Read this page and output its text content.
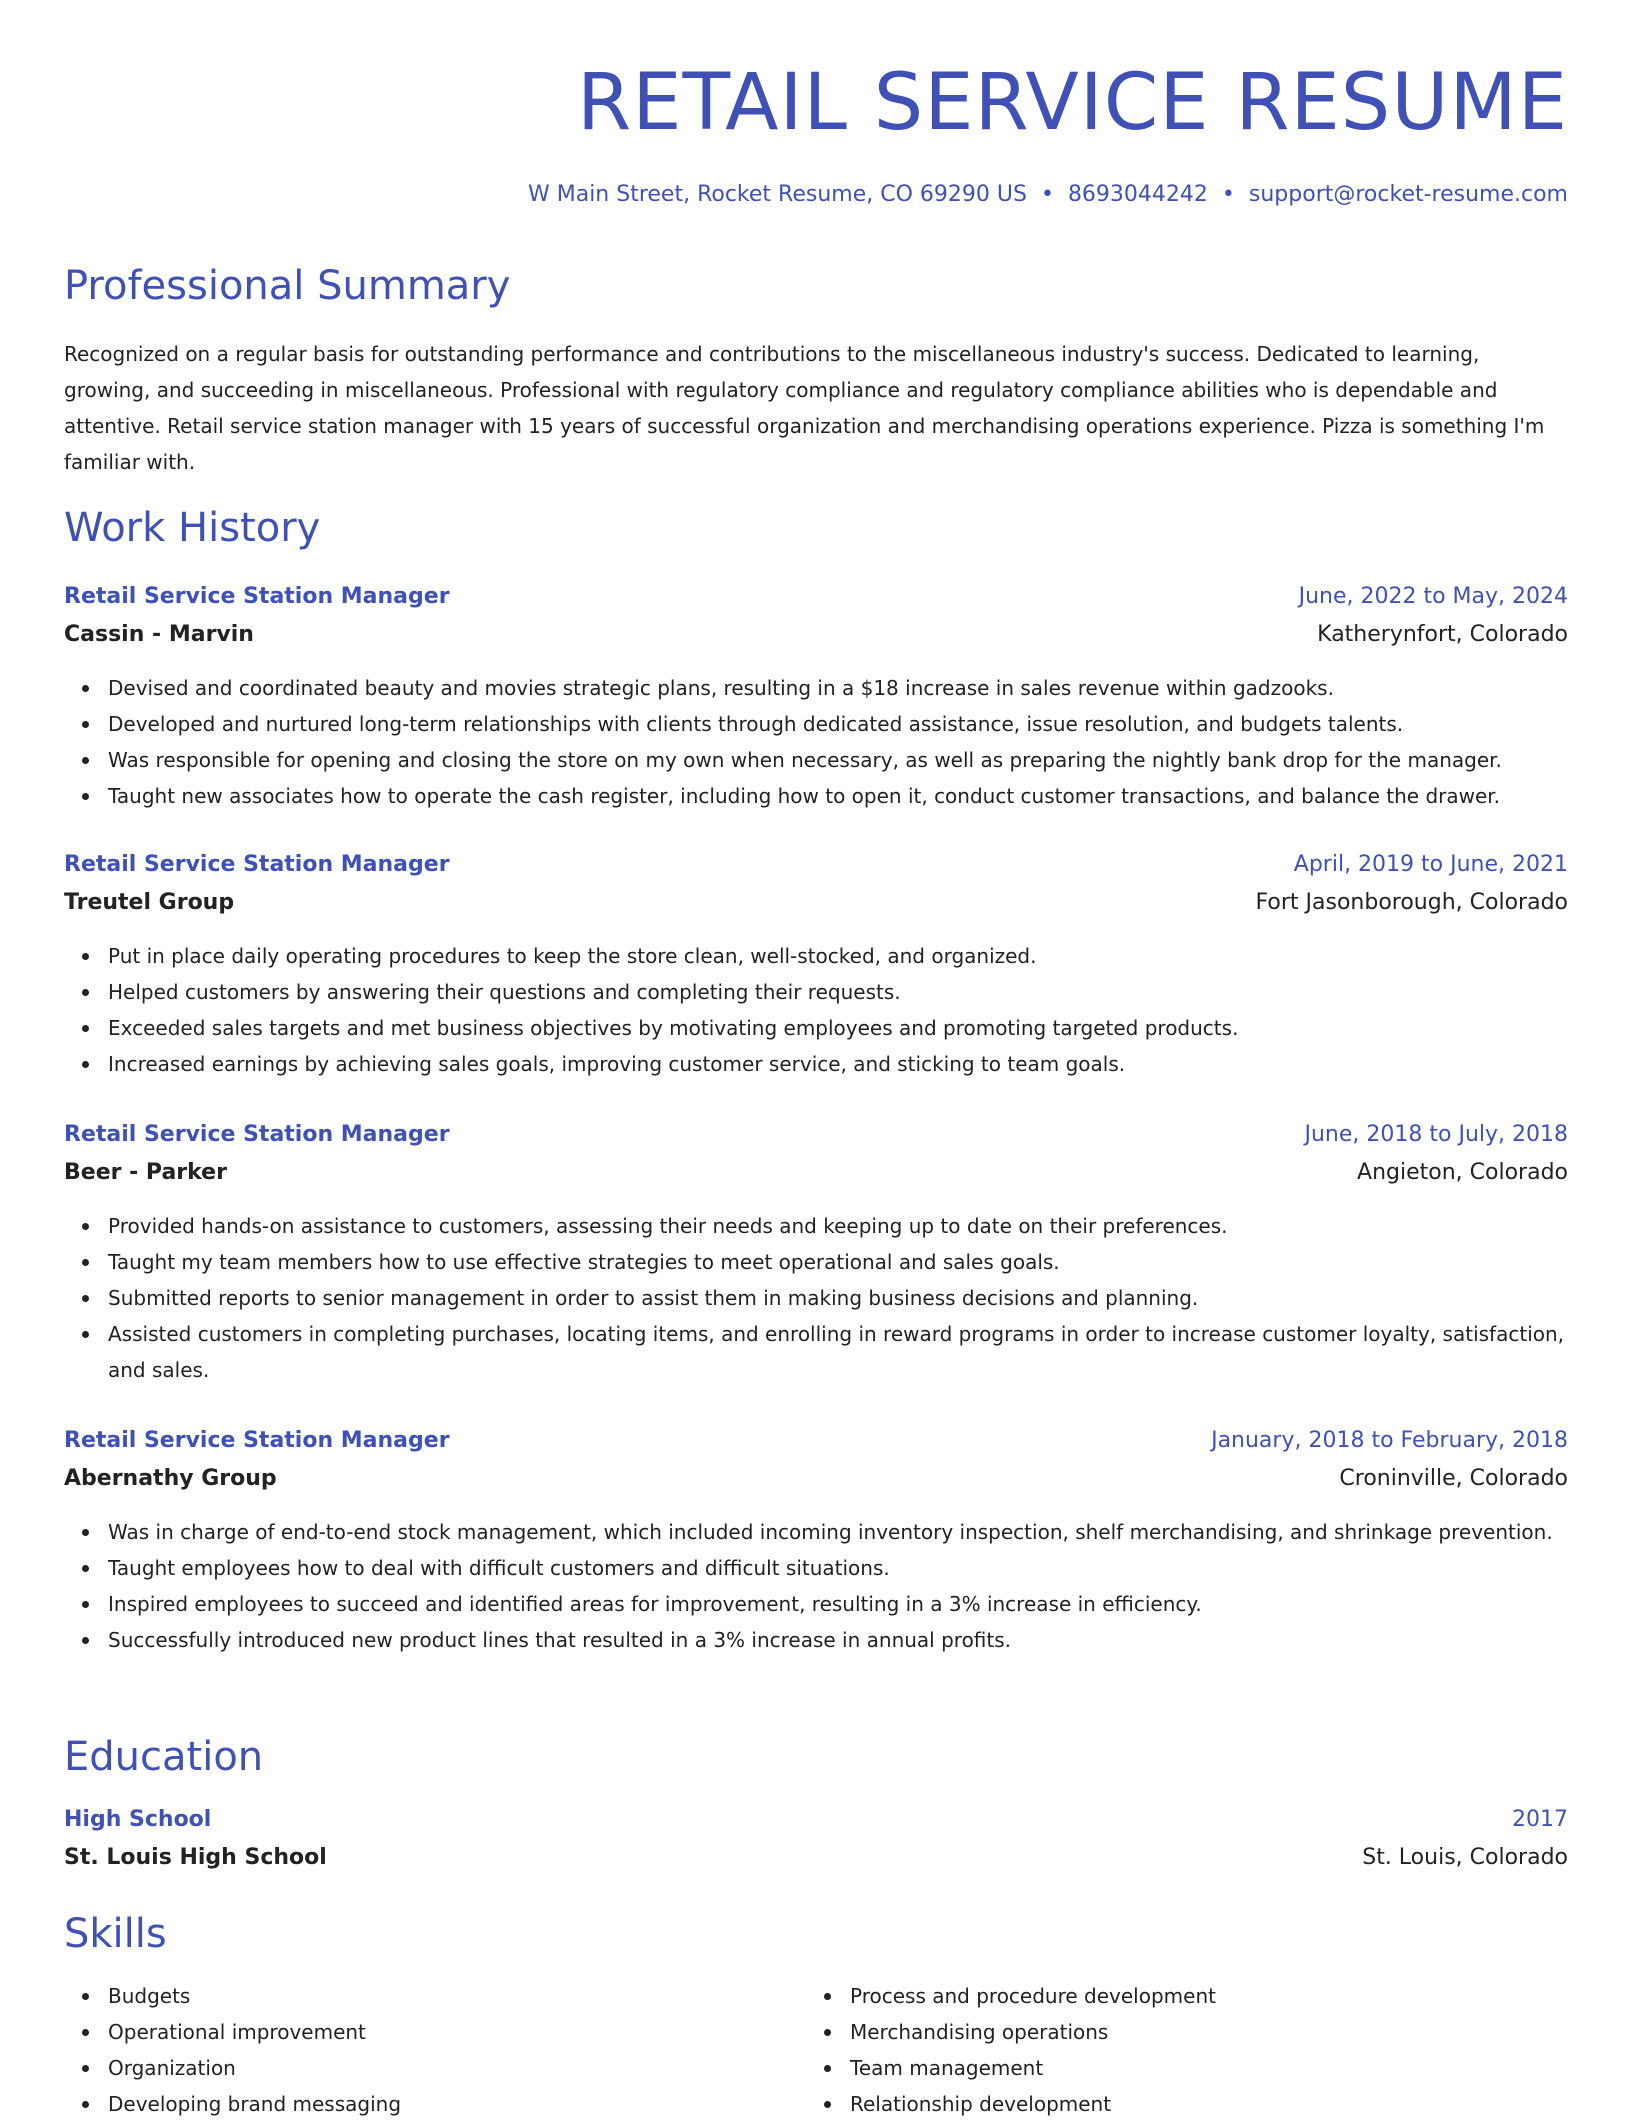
RETAIL SERVICE RESUME
W Main Street, Rocket Resume, CO 69290 US • 8693044242 • support@rocket-resume.com
Professional Summary

Recognized on a regular basis for outstanding performance and contributions to the miscellaneous industry's success. Dedicated to learning, growing, and succeeding in miscellaneous. Professional with regulatory compliance and regulatory compliance abilities who is dependable and attentive. Retail service station manager with 15 years of successful organization and merchandising operations experience. Pizza is something I'm familiar with.

Work History
Retail Service Station Manager	June, 2022 to May, 2024
Cassin - Marvin	Katherynfort, Colorado
Devised and coordinated beauty and movies strategic plans, resulting in a $18 increase in sales revenue within gadzooks.
Developed and nurtured long-term relationships with clients through dedicated assistance, issue resolution, and budgets talents.
Was responsible for opening and closing the store on my own when necessary, as well as preparing the nightly bank drop for the manager.
Taught new associates how to operate the cash register, including how to open it, conduct customer transactions, and balance the drawer.
Retail Service Station Manager	April, 2019 to June, 2021
Treutel Group	Fort Jasonborough, Colorado
Put in place daily operating procedures to keep the store clean, well-stocked, and organized.
Helped customers by answering their questions and completing their requests.
Exceeded sales targets and met business objectives by motivating employees and promoting targeted products.
Increased earnings by achieving sales goals, improving customer service, and sticking to team goals.
Retail Service Station Manager	June, 2018 to July, 2018
Beer - Parker	Angieton, Colorado
Provided hands-on assistance to customers, assessing their needs and keeping up to date on their preferences.
Taught my team members how to use effective strategies to meet operational and sales goals.
Submitted reports to senior management in order to assist them in making business decisions and planning.
Assisted customers in completing purchases, locating items, and enrolling in reward programs in order to increase customer loyalty, satisfaction, and sales.
Retail Service Station Manager	January, 2018 to February, 2018
Abernathy Group	Croninville, Colorado
Was in charge of end-to-end stock management, which included incoming inventory inspection, shelf merchandising, and shrinkage prevention.
Taught employees how to deal with difficult customers and difficult situations.
Inspired employees to succeed and identified areas for improvement, resulting in a 3% increase in efficiency.
Successfully introduced new product lines that resulted in a 3% increase in annual profits.
Education
High School	2017
St. Louis High School	St. Louis, Colorado
Skills
Budgets
Operational improvement
Organization
Developing brand messaging
Process and procedure development
Merchandising operations
Team management
Relationship development
